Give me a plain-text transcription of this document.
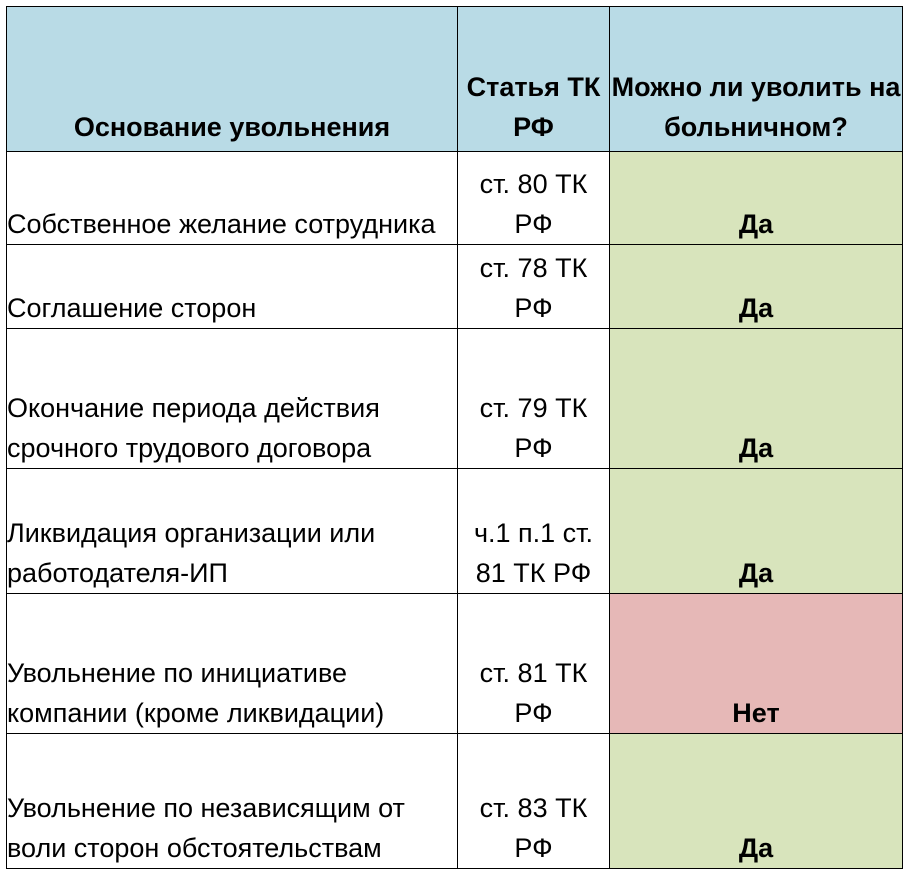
Основание увольнения	Статья ТК РФ	Можно ли уволить на больничном?

Собственное желание сотрудника	ст. 80 ТК РФ	Да

Соглашение сторон	ст. 78 ТК РФ	Да

Окончание периода действия срочного трудового договора	ст. 79 ТК РФ	Да

Ликвидация организации или работодателя-ИП	ч.1 п.1 ст. 81 ТК РФ	Да

Увольнение по инициативе компании (кроме ликвидации)	ст. 81 ТК РФ	Нет

Увольнение по независящим от воли сторон обстоятельствам	ст. 83 ТК РФ	Да
